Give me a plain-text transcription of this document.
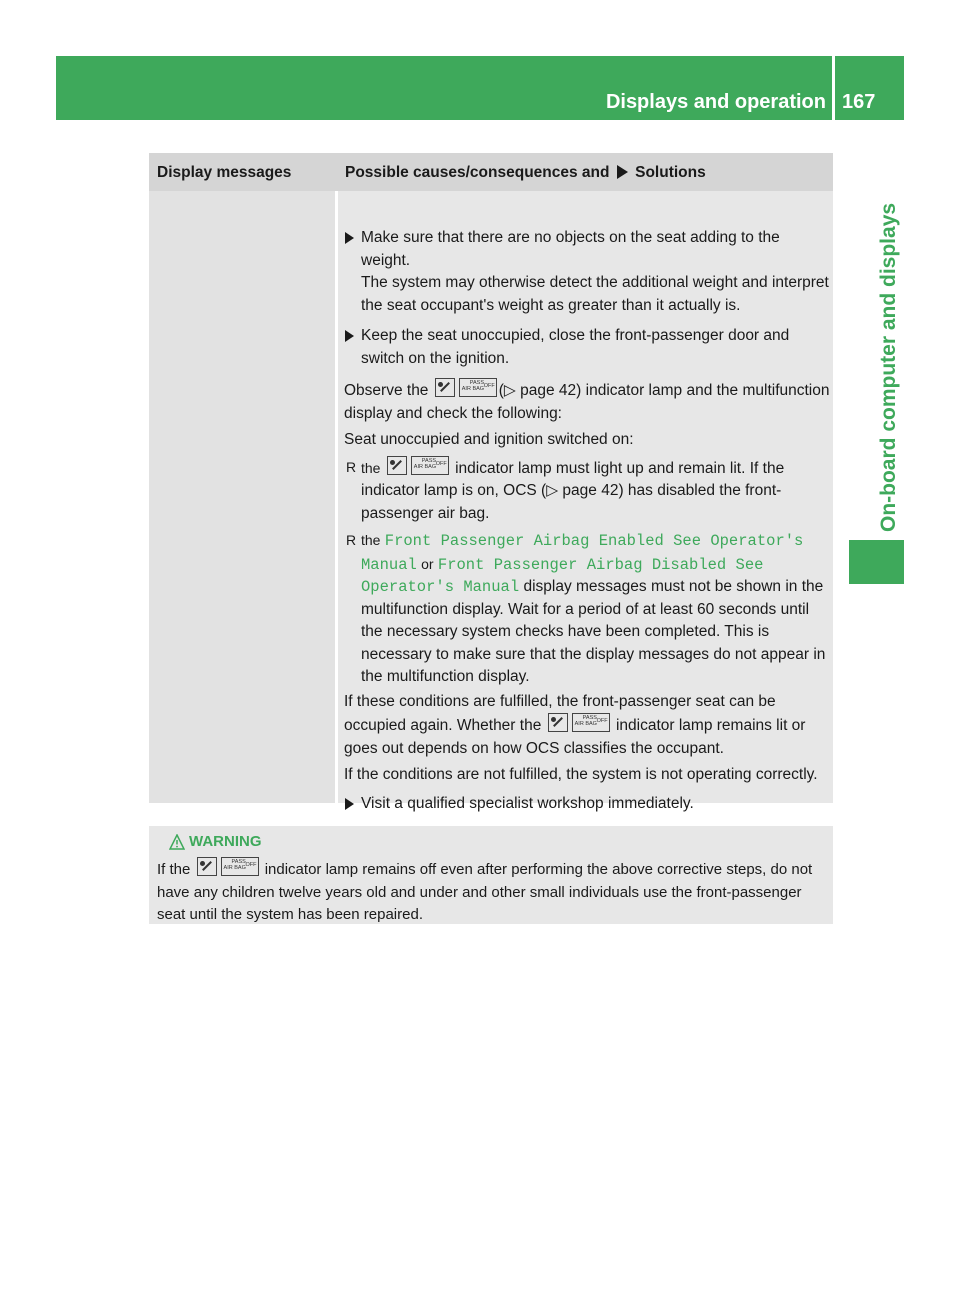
Displays and operation 167
On-board computer and displays
Display messages	Possible causes/consequences and Solutions

Make sure that there are no objects on the seat adding to the weight.
The system may otherwise detect the additional weight and interpret the seat occupant's weight as greater than it actually is.

Keep the seat unoccupied, close the front-passenger door and switch on the ignition.

Observe the	PASS
AIR BAG OFF (▷ page 42) indicator lamp and the multifunction display and check the following:

Seat unoccupied and ignition switched on:

R the	PASS
AIR BAG OFF indicator lamp must light up and remain lit. If the indicator lamp is on, OCS (▷ page 42) has disabled the front-passenger air bag.

R the Front Passenger Airbag Enabled See Operator's Manual or Front Passenger Airbag Disabled See Operator's Manual display messages must not be shown in the multifunction display. Wait for a period of at least 60 seconds until the necessary system checks have been completed. This is necessary to make sure that the display messages do not appear in the multifunction display.

If these conditions are fulfilled, the front-passenger seat can be occupied again. Whether the	PASS
AIR BAG OFF indicator lamp remains lit or goes out depends on how OCS classifies the occupant.

If the conditions are not fulfilled, the system is not operating correctly.

Visit a qualified specialist workshop immediately.

WARNING
If the	PASS
AIR BAG OFF indicator lamp remains off even after performing the above corrective steps, do not have any children twelve years old and under and other small individuals use the front-passenger seat until the system has been repaired.
